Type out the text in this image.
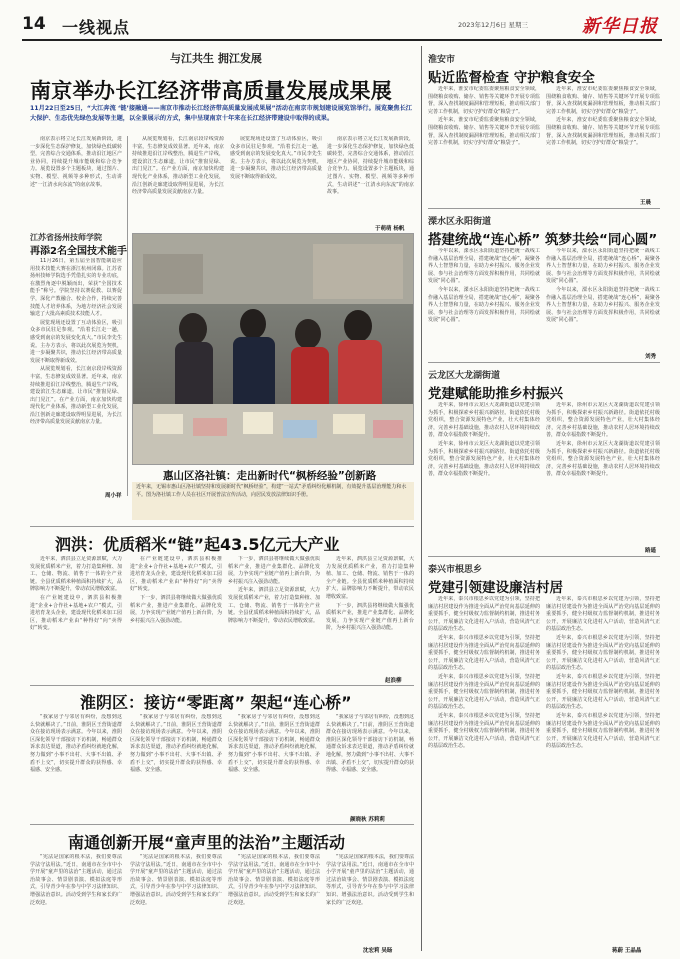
14 一线视点	2023年12月6日 星期三	新华日报
与江共生 拥江发展
南京举办长江经济带高质量发展成果展
11月22日至25日，“大江奔流 ‘链’接融通——南京市推动长江经济带高质量发展成果展”活动在南京市规划建设展览馆举行。展览聚焦长江大保护、生态优先绿色发展等主题，以全景展示的方式，集中呈现南京十年来在长江经济带建设中取得的成果。

南京表示将立足长江发展新阶段，进一步深化生态保护修复，加快绿色低碳转型，完善综合交通体系，推动沿江地区产业协同，持续提升城市能级和综合竞争力。展览设置多个主题板块，通过图片、实物、模型、视频等多种形式，生动讲述“一江清水向东流”的南京故事。

江苏省扬州技师学院
再添2名全国技术能手

11月26日，第五届全国智能制造应用技术技能大赛在浙江杭州闭幕。江苏省扬州技师学院选手凭借扎实的专业功底，在激烈角逐中脱颖而出，荣获“全国技术能手”称号。学院坚持以赛促教、以赛促学，深化产教融合、校企合作，持续完善技能人才培养体系，为地方经济社会发展输送了大批高素质技术技能人才。

展览现场还设置了互动体验区，吸引众多市民驻足参观。“沿着长江走一趟，感受到南京的发展变化真大。”市民李先生说。主办方表示，将以此次展览为契机，进一步凝聚共识，推动长江经济带高质量发展不断取得新成效。

从展览规划看，长江南京段岸线资源丰富，生态修复成效显著。近年来，南京持续推进沿江岸线整治，腾退生产岸线，建设滨江生态廊道，让市民“推窗见绿、出门见江”。在产业方面，南京加快构建现代化产业体系，推动新型工业化发展，沿江创新走廊建设取得明显进展，为长江经济带高质量发展贡献南京力量。

周小祥

从展览规划看，长江南京段岸线资源丰富，生态修复成效显著。近年来，南京持续推进沿江岸线整治，腾退生产岸线，建设滨江生态廊道，让市民“推窗见绿、出门见江”。在产业方面，南京加快构建现代化产业体系，推动新型工业化发展，沿江创新走廊建设取得明显进展，为长江经济带高质量发展贡献南京力量。

展览现场还设置了互动体验区，吸引众多市民驻足参观。“沿着长江走一趟，感受到南京的发展变化真大。”市民李先生说。主办方表示，将以此次展览为契机，进一步凝聚共识，推动长江经济带高质量发展不断取得新成效。

南京表示将立足长江发展新阶段，进一步深化生态保护修复，加快绿色低碳转型，完善综合交通体系，推动沿江地区产业协同，持续提升城市能级和综合竞争力。展览设置多个主题板块，通过图片、实物、模型、视频等多种形式，生动讲述“一江清水向东流”的南京故事。

于萌萌 杨帆
惠山区洛社镇：走出新时代“枫桥经验”创新路
近年来，无锡市惠山区洛社镇坚持和发展新时代“枫桥经验”，构建“一站式”矛盾纠纷化解机制，有效提升基层治理能力和水平。图为洛社镇工作人员在社区开展普法宣传活动，向居民发放法律知识手册。
泗洪：优质稻米“链”起43.5亿元大产业

近年来，泗洪县立足资源禀赋，大力发展优质稻米产业，着力打造集种植、加工、仓储、物流、销售于一体的全产业链。全县优质稻米种植面积持续扩大，品牌影响力不断提升，带动农民增收致富。

在产业链建设中，泗洪县积极推进“企业+合作社+基地+农户”模式，引进培育龙头企业，建设现代化稻米加工园区，推动稻米产业由“种得好”向“卖得好”转变。

在产业链建设中，泗洪县积极推进“企业+合作社+基地+农户”模式，引进培育龙头企业，建设现代化稻米加工园区，推动稻米产业由“种得好”向“卖得好”转变。

下一步，泗洪县将继续做大做强优质稻米产业，推进产业集群化、品牌化发展，力争实现产业链产值再上新台阶，为乡村振兴注入强劲动能。

下一步，泗洪县将继续做大做强优质稻米产业，推进产业集群化、品牌化发展，力争实现产业链产值再上新台阶，为乡村振兴注入强劲动能。

近年来，泗洪县立足资源禀赋，大力发展优质稻米产业，着力打造集种植、加工、仓储、物流、销售于一体的全产业链。全县优质稻米种植面积持续扩大，品牌影响力不断提升，带动农民增收致富。

近年来，泗洪县立足资源禀赋，大力发展优质稻米产业，着力打造集种植、加工、仓储、物流、销售于一体的全产业链。全县优质稻米种植面积持续扩大，品牌影响力不断提升，带动农民增收致富。

下一步，泗洪县将继续做大做强优质稻米产业，推进产业集群化、品牌化发展，力争实现产业链产值再上新台阶，为乡村振兴注入强劲动能。

赵浪柳
淮阴区：接访“零距离” 架起“连心桥”

“我家房子与邻居有纠纷，没想到这么快就解决了。”日前，淮阴区王营街道群众在接访现场表示满意。今年以来，淮阴区深化领导干部接访下访机制，畅通群众诉求表达渠道，推动矛盾纠纷就地化解，努力做到“小事不出村、大事不出镇、矛盾不上交”，切实提升群众的获得感、幸福感、安全感。

“我家房子与邻居有纠纷，没想到这么快就解决了。”日前，淮阴区王营街道群众在接访现场表示满意。今年以来，淮阴区深化领导干部接访下访机制，畅通群众诉求表达渠道，推动矛盾纠纷就地化解，努力做到“小事不出村、大事不出镇、矛盾不上交”，切实提升群众的获得感、幸福感、安全感。

“我家房子与邻居有纠纷，没想到这么快就解决了。”日前，淮阴区王营街道群众在接访现场表示满意。今年以来，淮阴区深化领导干部接访下访机制，畅通群众诉求表达渠道，推动矛盾纠纷就地化解，努力做到“小事不出村、大事不出镇、矛盾不上交”，切实提升群众的获得感、幸福感、安全感。

“我家房子与邻居有纠纷，没想到这么快就解决了。”日前，淮阴区王营街道群众在接访现场表示满意。今年以来，淮阴区深化领导干部接访下访机制，畅通群众诉求表达渠道，推动矛盾纠纷就地化解，努力做到“小事不出村、大事不出镇、矛盾不上交”，切实提升群众的获得感、幸福感、安全感。

颜晓秋 苏莉莉
南通创新开展“童声里的法治”主题活动

“宪法是国家的根本法，我们要尊法学法守法用法。”近日，南通市在全市中小学开展“童声里的法治”主题活动，通过法治故事会、情景剧表演、模拟法庭等形式，引导青少年在参与中学习法律知识、增强法治意识。活动受到学生和家长的广泛欢迎。

“宪法是国家的根本法，我们要尊法学法守法用法。”近日，南通市在全市中小学开展“童声里的法治”主题活动，通过法治故事会、情景剧表演、模拟法庭等形式，引导青少年在参与中学习法律知识、增强法治意识。活动受到学生和家长的广泛欢迎。

“宪法是国家的根本法，我们要尊法学法守法用法。”近日，南通市在全市中小学开展“童声里的法治”主题活动，通过法治故事会、情景剧表演、模拟法庭等形式，引导青少年在参与中学习法律知识、增强法治意识。活动受到学生和家长的广泛欢迎。

“宪法是国家的根本法，我们要尊法学法守法用法。”近日，南通市在全市中小学开展“童声里的法治”主题活动，通过法治故事会、情景剧表演、模拟法庭等形式，引导青少年在参与中学习法律知识、增强法治意识。活动受到学生和家长的广泛欢迎。

沈宏莉 吴旸
淮安市
贴近监督检查 守护粮食安全

近年来，淮安市纪委监委聚焦粮食安全领域，围绕粮食收购、储存、销售等关键环节开展专项监督，深入查找制度漏洞和管理短板，推动相关部门完善工作机制，切实守护好群众“粮袋子”。

近年来，淮安市纪委监委聚焦粮食安全领域，围绕粮食收购、储存、销售等关键环节开展专项监督，深入查找制度漏洞和管理短板，推动相关部门完善工作机制，切实守护好群众“粮袋子”。

近年来，淮安市纪委监委聚焦粮食安全领域，围绕粮食收购、储存、销售等关键环节开展专项监督，深入查找制度漏洞和管理短板，推动相关部门完善工作机制，切实守护好群众“粮袋子”。

近年来，淮安市纪委监委聚焦粮食安全领域，围绕粮食收购、储存、销售等关键环节开展专项监督，深入查找制度漏洞和管理短板，推动相关部门完善工作机制，切实守护好群众“粮袋子”。

王晨
溧水区永阳街道
搭建统战“连心桥” 筑梦共绘“同心圆”

今年以来，溧水区永阳街道坚持把统一战线工作融入基层治理全局，搭建统战“连心桥”，凝聚各界人士智慧和力量，在助力乡村振兴、服务企业发展、参与社会治理等方面发挥积极作用，共同绘就发展“同心圆”。

今年以来，溧水区永阳街道坚持把统一战线工作融入基层治理全局，搭建统战“连心桥”，凝聚各界人士智慧和力量，在助力乡村振兴、服务企业发展、参与社会治理等方面发挥积极作用，共同绘就发展“同心圆”。

今年以来，溧水区永阳街道坚持把统一战线工作融入基层治理全局，搭建统战“连心桥”，凝聚各界人士智慧和力量，在助力乡村振兴、服务企业发展、参与社会治理等方面发挥积极作用，共同绘就发展“同心圆”。

今年以来，溧水区永阳街道坚持把统一战线工作融入基层治理全局，搭建统战“连心桥”，凝聚各界人士智慧和力量，在助力乡村振兴、服务企业发展、参与社会治理等方面发挥积极作用，共同绘就发展“同心圆”。

刘秀
云龙区大龙湖街道
党建赋能助推乡村振兴

近年来，徐州市云龙区大龙湖街道以党建引领为抓手，积极探索乡村振兴新路径。街道依托村级党组织，整合资源发展特色产业，壮大村集体经济，完善乡村基础设施，推动农村人居环境持续改善，群众幸福指数不断提升。

近年来，徐州市云龙区大龙湖街道以党建引领为抓手，积极探索乡村振兴新路径。街道依托村级党组织，整合资源发展特色产业，壮大村集体经济，完善乡村基础设施，推动农村人居环境持续改善，群众幸福指数不断提升。

近年来，徐州市云龙区大龙湖街道以党建引领为抓手，积极探索乡村振兴新路径。街道依托村级党组织，整合资源发展特色产业，壮大村集体经济，完善乡村基础设施，推动农村人居环境持续改善，群众幸福指数不断提升。

近年来，徐州市云龙区大龙湖街道以党建引领为抓手，积极探索乡村振兴新路径。街道依托村级党组织，整合资源发展特色产业，壮大村集体经济，完善乡村基础设施，推动农村人居环境持续改善，群众幸福指数不断提升。

路遥
泰兴市根思乡
党建引领建设廉洁村居

近年来，泰兴市根思乡以党建为引领，坚持把廉洁村居建设作为推进全面从严治党向基层延伸的重要抓手，健全村级权力监督制约机制，推进村务公开，开展廉洁文化进村入户活动，营造风清气正的基层政治生态。

近年来，泰兴市根思乡以党建为引领，坚持把廉洁村居建设作为推进全面从严治党向基层延伸的重要抓手，健全村级权力监督制约机制，推进村务公开，开展廉洁文化进村入户活动，营造风清气正的基层政治生态。

近年来，泰兴市根思乡以党建为引领，坚持把廉洁村居建设作为推进全面从严治党向基层延伸的重要抓手，健全村级权力监督制约机制，推进村务公开，开展廉洁文化进村入户活动，营造风清气正的基层政治生态。

近年来，泰兴市根思乡以党建为引领，坚持把廉洁村居建设作为推进全面从严治党向基层延伸的重要抓手，健全村级权力监督制约机制，推进村务公开，开展廉洁文化进村入户活动，营造风清气正的基层政治生态。

近年来，泰兴市根思乡以党建为引领，坚持把廉洁村居建设作为推进全面从严治党向基层延伸的重要抓手，健全村级权力监督制约机制，推进村务公开，开展廉洁文化进村入户活动，营造风清气正的基层政治生态。

近年来，泰兴市根思乡以党建为引领，坚持把廉洁村居建设作为推进全面从严治党向基层延伸的重要抓手，健全村级权力监督制约机制，推进村务公开，开展廉洁文化进村入户活动，营造风清气正的基层政治生态。

近年来，泰兴市根思乡以党建为引领，坚持把廉洁村居建设作为推进全面从严治党向基层延伸的重要抓手，健全村级权力监督制约机制，推进村务公开，开展廉洁文化进村入户活动，营造风清气正的基层政治生态。

近年来，泰兴市根思乡以党建为引领，坚持把廉洁村居建设作为推进全面从严治党向基层延伸的重要抓手，健全村级权力监督制约机制，推进村务公开，开展廉洁文化进村入户活动，营造风清气正的基层政治生态。

蒋蔚 王晶晶
